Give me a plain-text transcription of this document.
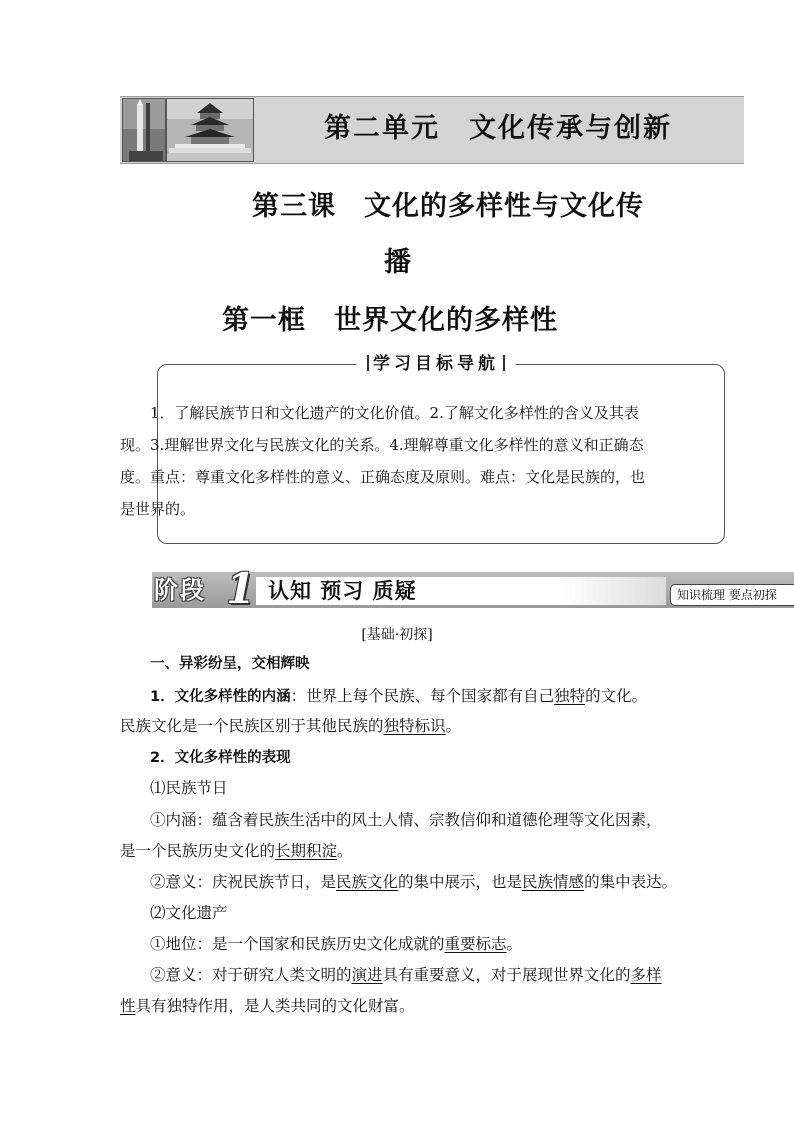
第二单元　文化传承与创新
第三课　文化的多样性与文化传
播
第一框　世界文化的多样性
学习目标导航
1．了解民族节日和文化遗产的文化价值。2.了解文化多样性的含义及其表
现。3.理解世界文化与民族文化的关系。4.理解尊重文化多样性的意义和正确态
度。重点：尊重文化多样性的意义、正确态度及原则。难点：文化是民族的，也
是世界的。
阶段 1 认知 预习 质疑	知识梳理 要点初探
[基础·初探]
一、异彩纷呈，交相辉映
1．文化多样性的内涵：世界上每个民族、每个国家都有自己独特的文化。
民族文化是一个民族区别于其他民族的独特标识。
2．文化多样性的表现
⑴民族节日
①内涵：蕴含着民族生活中的风土人情、宗教信仰和道德伦理等文化因素，
是一个民族历史文化的长期积淀。
②意义：庆祝民族节日，是民族文化的集中展示，也是民族情感的集中表达。
⑵文化遗产
①地位：是一个国家和民族历史文化成就的重要标志。
②意义：对于研究人类文明的演进具有重要意义，对于展现世界文化的多样
性具有独特作用，是人类共同的文化财富。
